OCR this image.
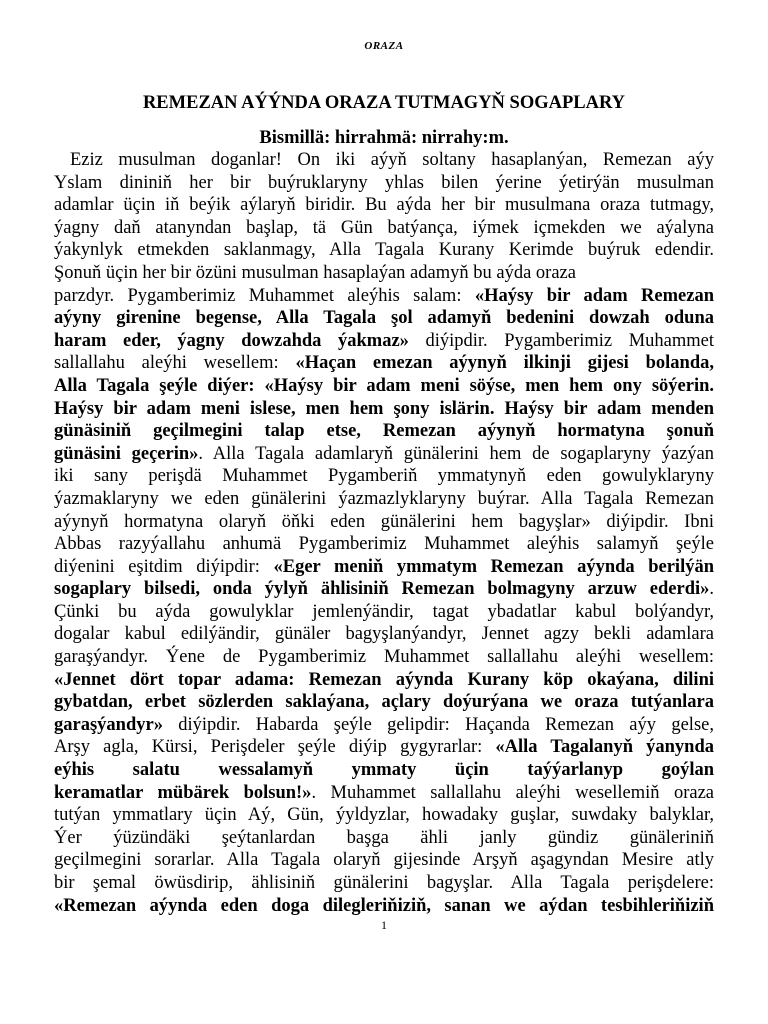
ORAZA
REMEZAN AÝÝNDA ORAZA TUTMAGYŇ SOGAPLARY
Bismillä: hirrahmä: nirrahy:m.
Eziz musulman doganlar! On iki aýyň soltany hasaplanýan, Remezan aýy
Yslam dininiň her bir buýruklaryny yhlas bilen ýerine ýetirýän musulman
adamlar üçin iň beýik aýlaryň biridir. Bu aýda her bir musulmana oraza tutmagy,
ýagny daň atanyndan başlap, tä Gün batýança, iýmek içmekden we aýalyna
ýakynlyk etmekden saklanmagy, Alla Tagala Kurany Kerimde buýruk edendir.
Şonuň üçin her bir özüni musulman hasaplaýan adamyň bu aýda oraza
parzdyr. Pygamberimiz Muhammet aleýhis salam: «Haýsy bir adam Remezan
aýyny girenine begense, Alla Tagala şol adamyň bedenini dowzah oduna
haram eder, ýagny dowzahda ýakmaz» diýipdir. Pygamberimiz Muhammet
sallallahu aleýhi wesellem: «Haçan emezan aýynyň ilkinji gijesi bolanda,
Alla Tagala şeýle diýer: «Haýsy bir adam meni söýse, men hem ony söýerin.
Haýsy bir adam meni islese, men hem şony islärin. Haýsy bir adam menden
günäsiniň geçilmegini talap etse, Remezan aýynyň hormatyna şonuň
günäsini geçerin». Alla Tagala adamlaryň günälerini hem de sogaplaryny ýazýan
iki sany perişdä Muhammet Pygamberiň ymmatynyň eden gowulyklaryny
ýazmaklaryny we eden günälerini ýazmazlyklaryny buýrar. Alla Tagala Remezan
aýynyň hormatyna olaryň öňki eden günälerini hem bagyşlar» diýipdir. Ibni
Abbas razyýallahu anhumä Pygamberimiz Muhammet aleýhis salamyň şeýle
diýenini eşitdim diýipdir: «Eger meniň ymmatym Remezan aýynda berilýän
sogaplary bilsedi, onda ýylyň ählisiniň Remezan bolmagyny arzuw ederdi».
Çünki bu aýda gowulyklar jemlenýändir, tagat ybadatlar kabul bolýandyr,
dogalar kabul edilýändir, günäler bagyşlanýandyr, Jennet agzy bekli adamlara
garaşýandyr. Ýene de Pygamberimiz Muhammet sallallahu aleýhi wesellem:
«Jennet dört topar adama: Remezan aýynda Kurany köp okaýana, dilini
gybatdan, erbet sözlerden saklaýana, açlary doýurýana we oraza tutýanlara
garaşýandyr» diýipdir. Habarda şeýle gelipdir: Haçanda Remezan aýy gelse,
Arşy agla, Kürsi, Perişdeler şeýle diýip gygyrarlar: «Alla Tagalanyň ýanynda
eýhis salatu wessalamyň ymmaty üçin taýýarlanyp goýlan
keramatlar mübärek bolsun!». Muhammet sallallahu aleýhi wesellemiň oraza
tutýan ymmatlary üçin Aý, Gün, ýyldyzlar, howadaky guşlar, suwdaky balyklar,
Ýer ýüzündäki şeýtanlardan başga ähli janly gündiz günäleriniň
geçilmegini sorarlar. Alla Tagala olaryň gijesinde Arşyň aşagyndan Mesire atly
bir şemal öwüsdirip, ählisiniň günälerini bagyşlar. Alla Tagala perişdelere:
«Remezan aýynda eden doga dilegleriňiziň, sanan we aýdan tesbihleriňiziň
1
